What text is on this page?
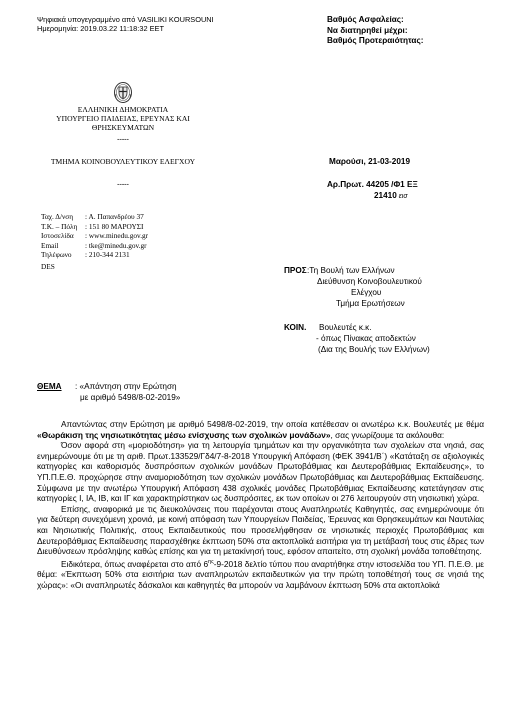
Ψηφιακά υπογεγραμμένο από VASILIKI KOURSOUNI
Ημερομηνία: 2019.03.22 11:18:32 EET
Βαθμός Ασφαλείας:
Να διατηρηθεί μέχρι:
Βαθμός Προτεραιότητας:
ΕΛΛΗΝΙΚΗ ΔΗΜΟΚΡΑΤΙΑ
ΥΠΟΥΡΓΕΙΟ ΠΑΙΔΕΙΑΣ, ΕΡΕΥΝΑΣ ΚΑΙ
ΘΡΗΣΚΕΥΜΑΤΩΝ
-----
ΤΜΗΜΑ ΚΟΙΝΟΒΟΥΛΕΥΤΙΚΟΥ ΕΛΕΓΧΟΥ
-----
Μαρούσι, 21-03-2019
Αρ.Πρωτ. 44205 /Φ1 ΕΞ
21410 εισ
Ταχ. Δ/νση	: Α. Παπανδρέου 37
Τ.Κ. – Πόλη	: 151 80 ΜΑΡΟΥΣΙ
Ιστοσελίδα	: www.minedu.gov.gr
Email	: tke@minedu.gov.gr
Τηλέφωνο	: 210-344 2131
DES	ΠΡΟΣ :Τη Βουλή των Ελλήνων
Διεύθυνση Κοινοβουλευτικού
Ελέγχου
Τμήμα Ερωτήσεων
ΚΟΙΝ. Βουλευτές κ.κ.
- όπως Πίνακας αποδεκτών
(Δια της Βουλής των Ελλήνων)
ΘΕΜΑ : «Απάντηση στην Ερώτηση
με αριθμό 5498/8-02-2019»

Απαντώντας στην Ερώτηση με αριθμό 5498/8-02-2019, την οποία κατέθεσαν οι ανωτέρω κ.κ. Βουλευτές με θέμα «Θωράκιση της νησιωτικότητας μέσω ενίσχυσης των σχολικών μονάδων», σας γνωρίζουμε τα ακόλουθα:

Όσον αφορά στη «μοριοδότηση» για τη λειτουργία τμημάτων και την οργανικότητα των σχολείων στα νησιά, σας ενημερώνουμε ότι με τη αριθ. Πρωτ.133529/Γδ4/7-8-2018 Υπουργική Απόφαση (ΦΕΚ 3941/Β΄) «Κατάταξη σε αξιολογικές κατηγορίες και καθορισμός δυσπρόσιτων σχολικών μονάδων Πρωτοβάθμιας και Δευτεροβάθμιας Εκπαίδευσης», το ΥΠ.Π.Ε.Θ. προχώρησε στην αναμοριοδότηση των σχολικών μονάδων Πρωτοβάθμιας και Δευτεροβάθμιας Εκπαίδευσης. Σύμφωνα με την ανωτέρω Υπουργική Απόφαση 438 σχολικές μονάδες Πρωτοβάθμιας Εκπαίδευσης κατετάγησαν στις κατηγορίες Ι, ΙΑ, ΙΒ, και ΙΓ και χαρακτηρίστηκαν ως δυσπρόσιτες, εκ των οποίων οι 276 λειτουργούν στη νησιωτική χώρα.

Επίσης, αναφορικά με τις διευκολύνσεις που παρέχονται στους Αναπληρωτές Καθηγητές, σας ενημερώνουμε ότι για δεύτερη συνεχόμενη χρονιά, με κοινή απόφαση των Υπουργείων Παιδείας, Έρευνας και Θρησκευμάτων και Ναυτιλίας και Νησιωτικής Πολιτικής, στους Εκπαιδευτικούς που προσελήφθησαν σε νησιωτικές περιοχές Πρωτοβάθμιας και Δευτεροβάθμιας Εκπαίδευσης παρασχέθηκε έκπτωση 50% στα ακτοπλοϊκά εισιτήρια για τη μετάβασή τους στις έδρες των Διευθύνσεων πρόσληψης καθώς επίσης και για τη μετακίνησή τους, εφόσον απαιτείτο, στη σχολική μονάδα τοποθέτησης.

Ειδικότερα, όπως αναφέρεται στο από $6^{\eta\varsigma}-9-2018$ δελτίο τύπου που αναρτήθηκε στην ιστοσελίδα του ΥΠ. Π.Ε.Θ. με θέμα: «Έκπτωση 50% στα εισιτήρια των αναπληρωτών εκπαιδευτικών για την πρώτη τοποθέτησή τους σε νησιά της χώρας»: «Οι αναπληρωτές δάσκαλοι και καθηγητές θα μπορούν να λαμβάνουν έκπτωση 50% στα ακτοπλοϊκά
